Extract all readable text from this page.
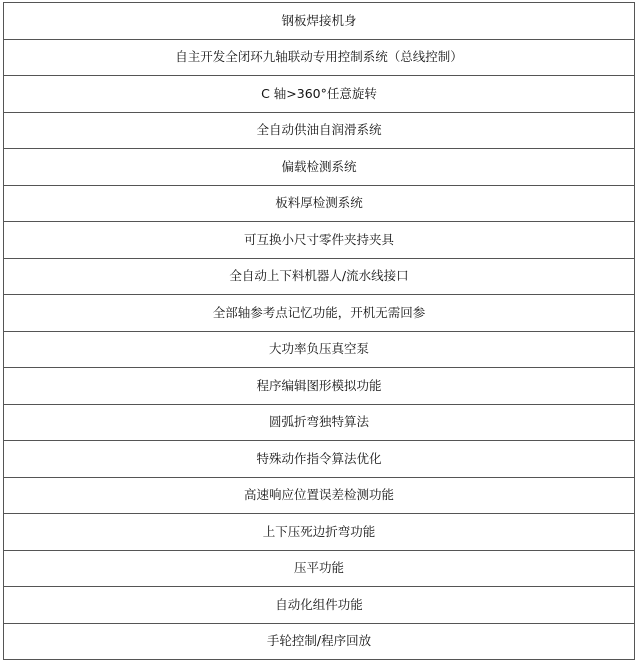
钢板焊接机身
自主开发全闭环九轴联动专用控制系统（总线控制）
C 轴>360°任意旋转
全自动供油自润滑系统
偏载检测系统
板料厚检测系统
可互换小尺寸零件夹持夹具
全自动上下料机器人/流水线接口
全部轴参考点记忆功能，开机无需回参
大功率负压真空泵
程序编辑图形模拟功能
圆弧折弯独特算法
特殊动作指令算法优化
高速响应位置误差检测功能
上下压死边折弯功能
压平功能
自动化组件功能
手轮控制/程序回放
